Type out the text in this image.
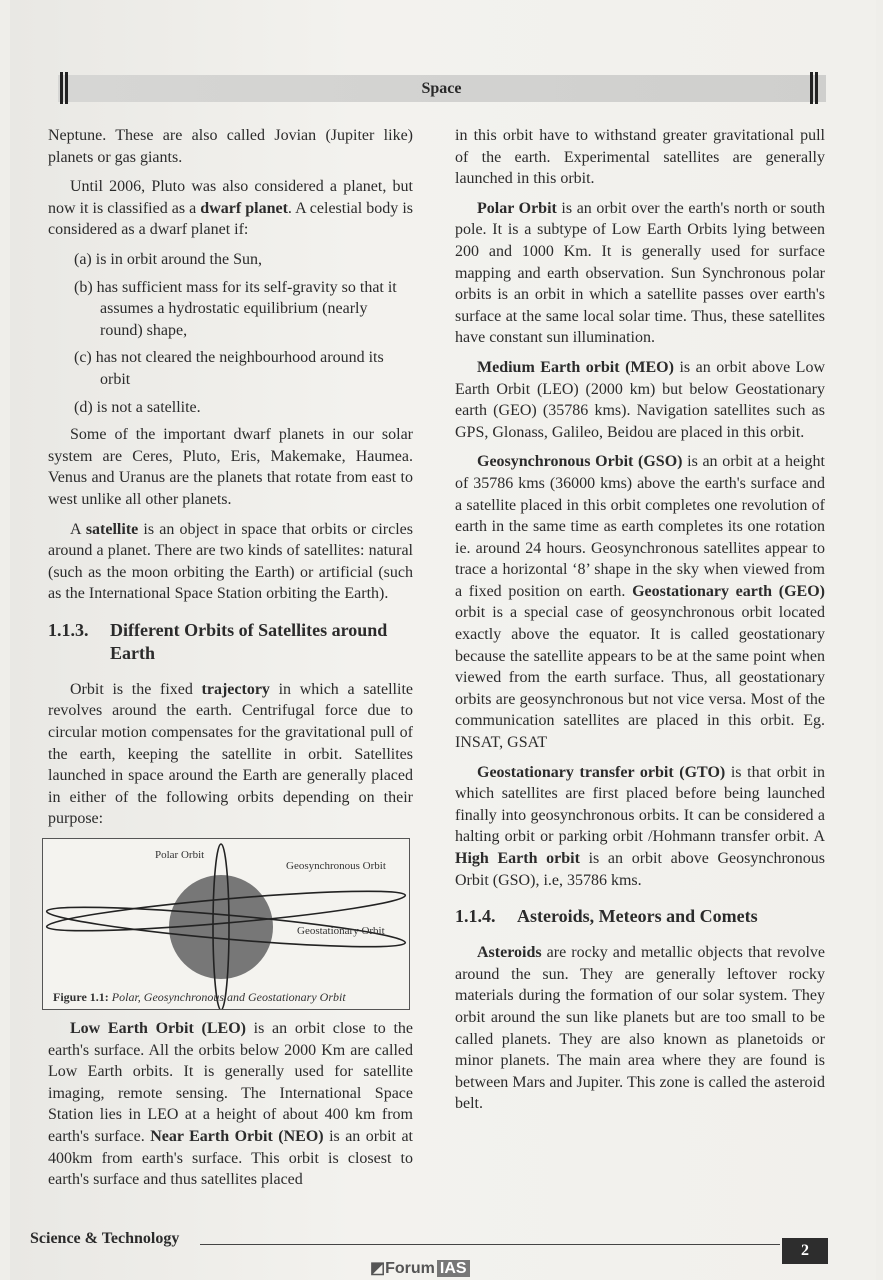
Space

Neptune. These are also called Jovian (Jupiter like) planets or gas giants.

Until 2006, Pluto was also considered a planet, but now it is classified as a dwarf planet. A celestial body is considered as a dwarf planet if:

(a) is in orbit around the Sun,

(b) has sufficient mass for its self-gravity so that it assumes a hydrostatic equilibrium (nearly round) shape,

(c) has not cleared the neighbourhood around its orbit

(d) is not a satellite.

Some of the important dwarf planets in our solar system are Ceres, Pluto, Eris, Makemake, Haumea. Venus and Uranus are the planets that rotate from east to west unlike all other planets.

A satellite is an object in space that orbits or circles around a planet. There are two kinds of satellites: natural (such as the moon orbiting the Earth) or artificial (such as the International Space Station orbiting the Earth).

1.1.3.	Different Orbits of Satellites around Earth

Orbit is the fixed trajectory in which a satellite revolves around the earth. Centrifugal force due to circular motion compensates for the gravitational pull of the earth, keeping the satellite in orbit. Satellites launched in space around the Earth are generally placed in either of the following orbits depending on their purpose:

Polar Orbit
Geosynchronous Orbit
Geostationary Orbit
Figure 1.1: Polar, Geosynchronous and Geostationary Orbit

Low Earth Orbit (LEO) is an orbit close to the earth's surface. All the orbits below 2000 Km are called Low Earth orbits. It is generally used for satellite imaging, remote sensing. The International Space Station lies in LEO at a height of about 400 km from earth's surface. Near Earth Orbit (NEO) is an orbit at 400km from earth's surface. This orbit is closest to earth's surface and thus satellites placed

in this orbit have to withstand greater gravitational pull of the earth. Experimental satellites are generally launched in this orbit.

Polar Orbit is an orbit over the earth's north or south pole. It is a subtype of Low Earth Orbits lying between 200 and 1000 Km. It is generally used for surface mapping and earth observation. Sun Synchronous polar orbits is an orbit in which a satellite passes over earth's surface at the same local solar time. Thus, these satellites have constant sun illumination.

Medium Earth orbit (MEO) is an orbit above Low Earth Orbit (LEO) (2000 km) but below Geostationary earth (GEO) (35786 kms). Navigation satellites such as GPS, Glonass, Galileo, Beidou are placed in this orbit.

Geosynchronous Orbit (GSO) is an orbit at a height of 35786 kms (36000 kms) above the earth's surface and a satellite placed in this orbit completes one revolution of earth in the same time as earth completes its one rotation ie. around 24 hours. Geosynchronous satellites appear to trace a horizontal ‘8’ shape in the sky when viewed from a fixed position on earth. Geostationary earth (GEO) orbit is a special case of geosynchronous orbit located exactly above the equator. It is called geostationary because the satellite appears to be at the same point when viewed from the earth surface. Thus, all geostationary orbits are geosynchronous but not vice versa. Most of the communication satellites are placed in this orbit. Eg. INSAT, GSAT

Geostationary transfer orbit (GTO) is that orbit in which satellites are first placed before being launched finally into geosynchronous orbits. It can be considered a halting orbit or parking orbit /Hohmann transfer orbit. A High Earth orbit is an orbit above Geosynchronous Orbit (GSO), i.e, 35786 kms.

1.1.4.	Asteroids, Meteors and Comets

Asteroids are rocky and metallic objects that revolve around the sun. They are generally leftover rocky materials during the formation of our solar system. They orbit around the sun like planets but are too small to be called planets. They are also known as planetoids or minor planets. The main area where they are found is between Mars and Jupiter. This zone is called the asteroid belt.

Science & Technology
2
◩Forum IAS
